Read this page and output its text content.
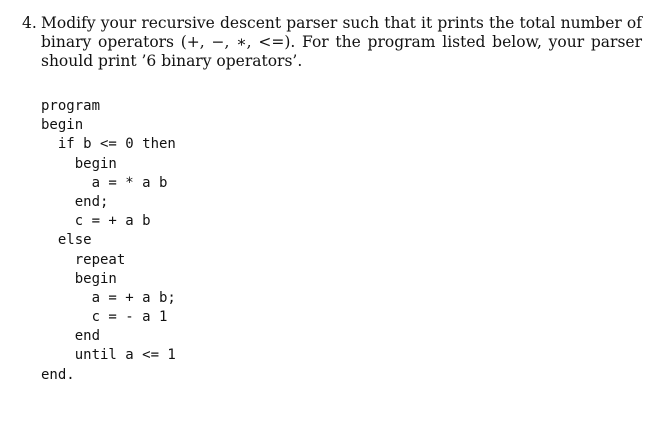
4. Modify your recursive descent parser such that it prints the total number of binary operators (+, −, ∗, <=). For the program listed below, your parser should print ’6 binary operators’.
program
begin
if b <= 0 then
begin
a = * a b
end;
c = + a b
else
repeat
begin
a = + a b;
c = - a 1
end
until a <= 1
end.
